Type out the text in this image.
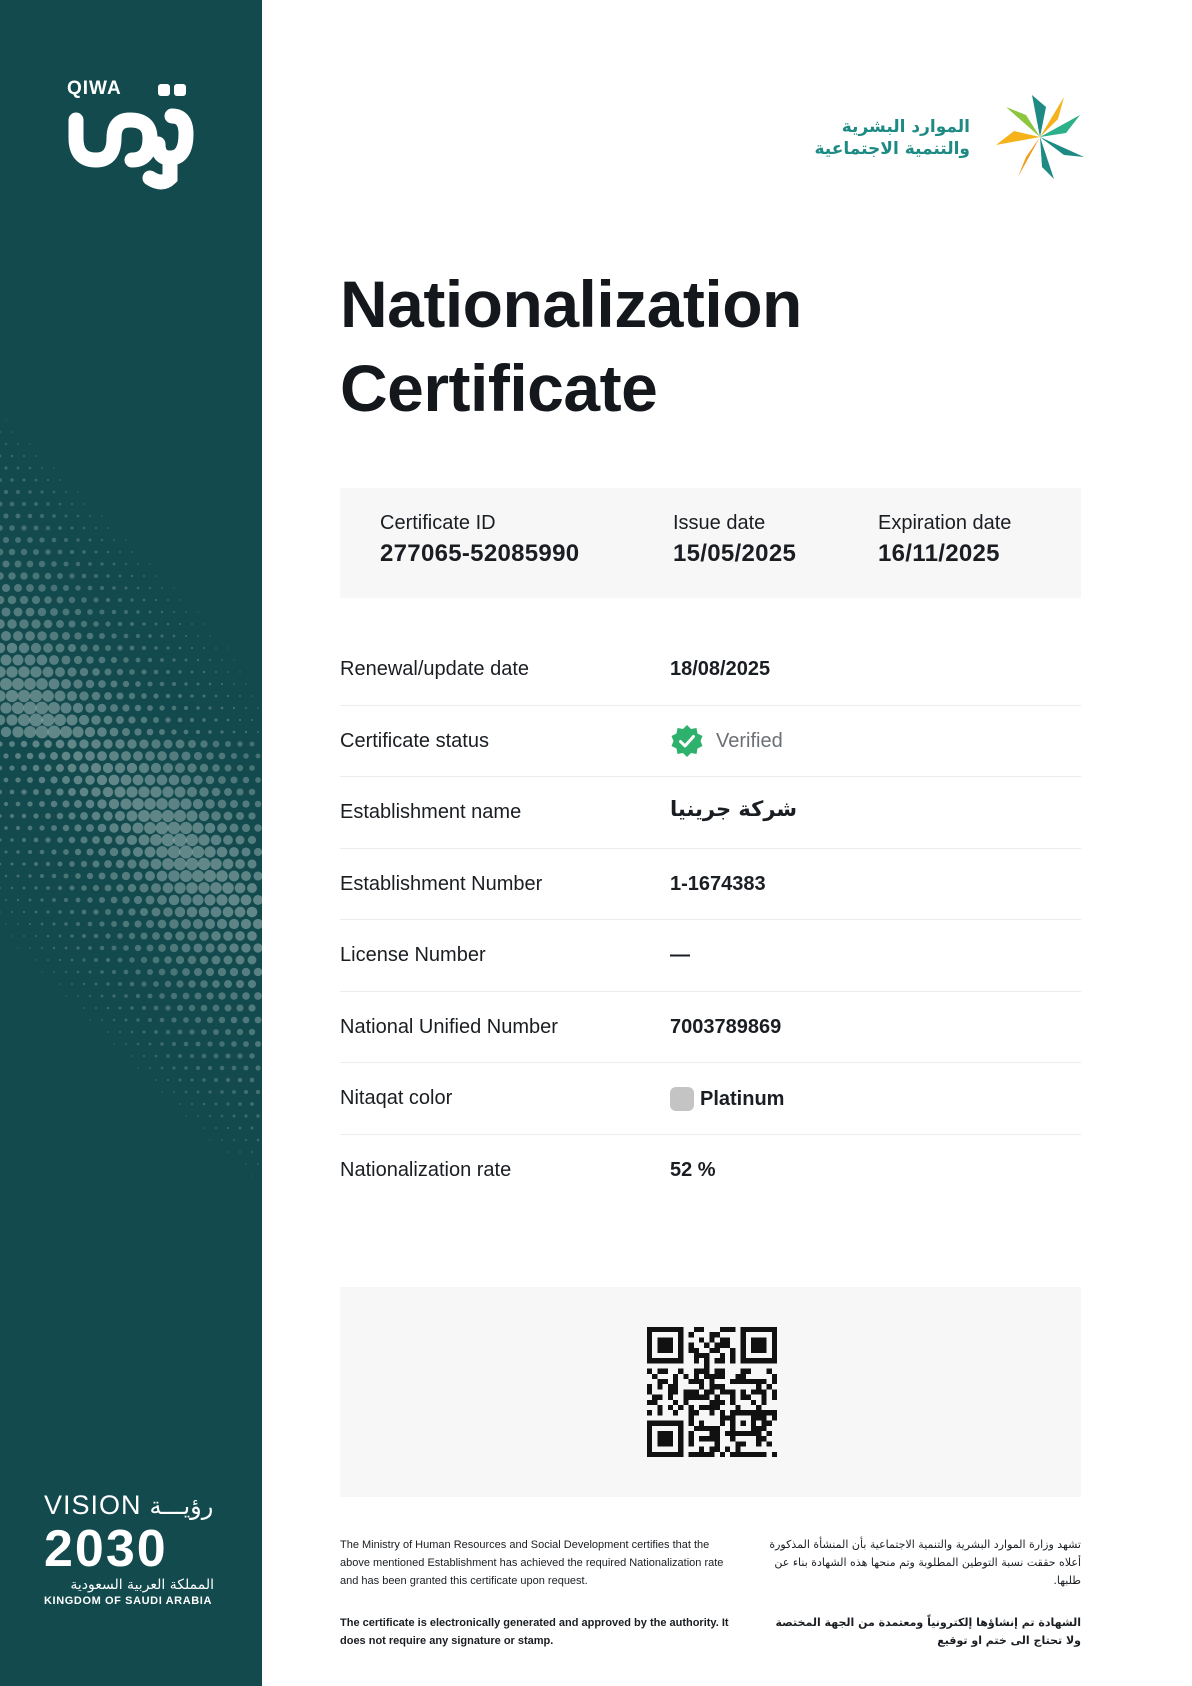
QIWA
VISION رؤيـــة
2030
المملكة العربية السعودية
KINGDOM OF SAUDI ARABIA
الموارد البشرية
والتنمية الاجتماعية
Nationalization
Certificate
Certificate ID
277065-52085990
Issue date
15/05/2025
Expiration date
16/11/2025
Renewal/update date	18/08/2025
Certificate status	Verified
Establishment name	شركة جرينيا
Establishment Number	1-1674383
License Number	—
National Unified Number	7003789869
Nitaqat color	Platinum
Nationalization rate	52 %

The Ministry of Human Resources and Social Development certifies that the above mentioned Establishment has achieved the required Nationalization rate and has been granted this certificate upon request.

تشهد وزارة الموارد البشرية والتنمية الاجتماعية بأن المنشأة المذكورة أعلاه حققت نسبة التوطين المطلوبة وتم منحها هذه الشهادة بناء عن طلبها.

The certificate is electronically generated and approved by the authority. It does not require any signature or stamp.

الشهادة تم إنشاؤها إلكترونياً ومعتمدة من الجهة المختصة ولا تحتاج الى ختم او توقيع
